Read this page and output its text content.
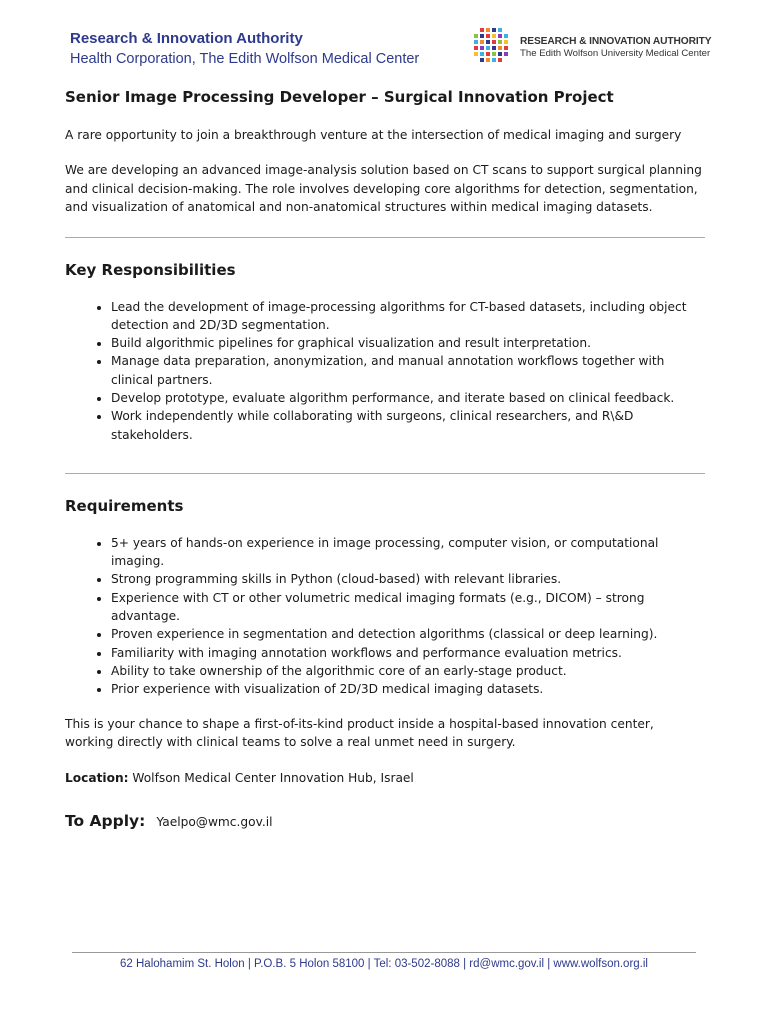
Research & Innovation Authority
Health Corporation, The Edith Wolfson Medical Center
RESEARCH & INNOVATION AUTHORITY
The Edith Wolfson University Medical Center
Senior Image Processing Developer – Surgical Innovation Project

A rare opportunity to join a breakthrough venture at the intersection of medical imaging and surgery

We are developing an advanced image-analysis solution based on CT scans to support surgical planning and clinical decision-making. The role involves developing core algorithms for detection, segmentation, and visualization of anatomical and non-anatomical structures within medical imaging datasets.

Key Responsibilities
• Lead the development of image-processing algorithms for CT-based datasets, including object detection and 2D/3D segmentation.
• Build algorithmic pipelines for graphical visualization and result interpretation.
• Manage data preparation, anonymization, and manual annotation workflows together with clinical partners.
• Develop prototype, evaluate algorithm performance, and iterate based on clinical feedback.
• Work independently while collaborating with surgeons, clinical researchers, and R\&D stakeholders.
Requirements
• 5+ years of hands-on experience in image processing, computer vision, or computational imaging.
• Strong programming skills in Python (cloud-based) with relevant libraries.
• Experience with CT or other volumetric medical imaging formats (e.g., DICOM) – strong advantage.
• Proven experience in segmentation and detection algorithms (classical or deep learning).
• Familiarity with imaging annotation workflows and performance evaluation metrics.
• Ability to take ownership of the algorithmic core of an early-stage product.
• Prior experience with visualization of 2D/3D medical imaging datasets.

This is your chance to shape a first-of-its-kind product inside a hospital-based innovation center, working directly with clinical teams to solve a real unmet need in surgery.

Location: Wolfson Medical Center Innovation Hub, Israel

To Apply: Yaelpo@wmc.gov.il

62 Halohamim St. Holon | P.O.B. 5 Holon 58100 | Tel: 03-502-8088 | rd@wmc.gov.il | www.wolfson.org.il
